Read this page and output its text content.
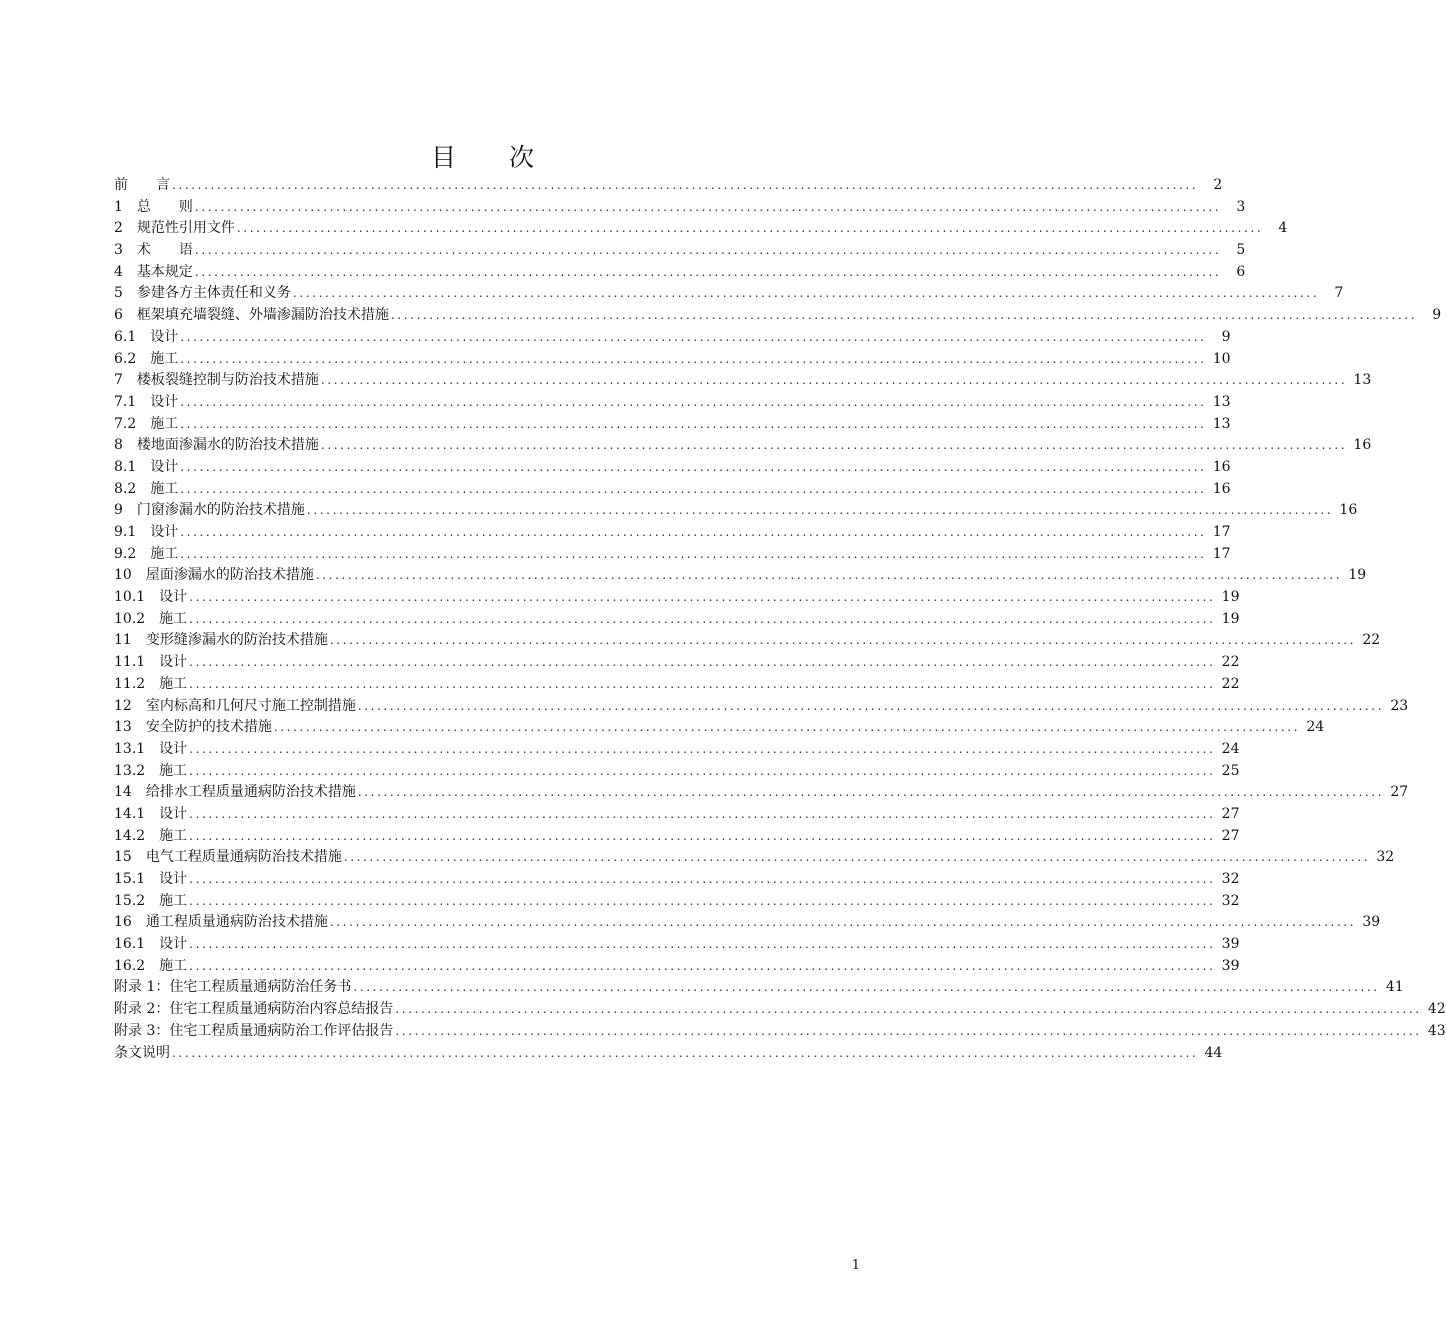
目　　次
前　　言 ................................................................................................................................................................	2
1　总　　则 ................................................................................................................................................................	3
2　规范性引用文件 ................................................................................................................................................................	4
3　术　　语 ................................................................................................................................................................	5
4　基本规定 ................................................................................................................................................................	6
5　参建各方主体责任和义务 ................................................................................................................................................................	7
6　框架填充墙裂缝、外墙渗漏防治技术措施 ................................................................................................................................................................	9
6.1　设计 ................................................................................................................................................................	9
6.2　施工 ................................................................................................................................................................ 10
7　楼板裂缝控制与防治技术措施 ................................................................................................................................................................ 13
7.1　设计 ................................................................................................................................................................ 13
7.2　施工 ................................................................................................................................................................ 13
8　楼地面渗漏水的防治技术措施 ................................................................................................................................................................ 16
8.1　设计 ................................................................................................................................................................ 16
8.2　施工 ................................................................................................................................................................ 16
9　门窗渗漏水的防治技术措施 ................................................................................................................................................................ 16
9.1　设计 ................................................................................................................................................................ 17
9.2　施工 ................................................................................................................................................................ 17
10　屋面渗漏水的防治技术措施 ................................................................................................................................................................ 19
10.1　设计 ................................................................................................................................................................ 19
10.2　施工 ................................................................................................................................................................ 19
11　变形缝渗漏水的防治技术措施 ................................................................................................................................................................ 22
11.1　设计 ................................................................................................................................................................ 22
11.2　施工 ................................................................................................................................................................ 22
12　室内标高和几何尺寸施工控制措施 ................................................................................................................................................................ 23
13　安全防护的技术措施 ................................................................................................................................................................ 24
13.1　设计 ................................................................................................................................................................ 24
13.2　施工 ................................................................................................................................................................ 25
14　给排水工程质量通病防治技术措施 ................................................................................................................................................................ 27
14.1　设计 ................................................................................................................................................................ 27
14.2　施工 ................................................................................................................................................................ 27
15　电气工程质量通病防治技术措施 ................................................................................................................................................................ 32
15.1　设计 ................................................................................................................................................................ 32
15.2　施工 ................................................................................................................................................................ 32
16　通工程质量通病防治技术措施 ................................................................................................................................................................ 39
16.1　设计 ................................................................................................................................................................ 39
16.2　施工 ................................................................................................................................................................ 39
附录 1：住宅工程质量通病防治任务书 ................................................................................................................................................................ 41
附录 2：住宅工程质量通病防治内容总结报告 ................................................................................................................................................................ 42
附录 3：住宅工程质量通病防治工作评估报告 ................................................................................................................................................................ 43
条文说明 ................................................................................................................................................................ 44
1
